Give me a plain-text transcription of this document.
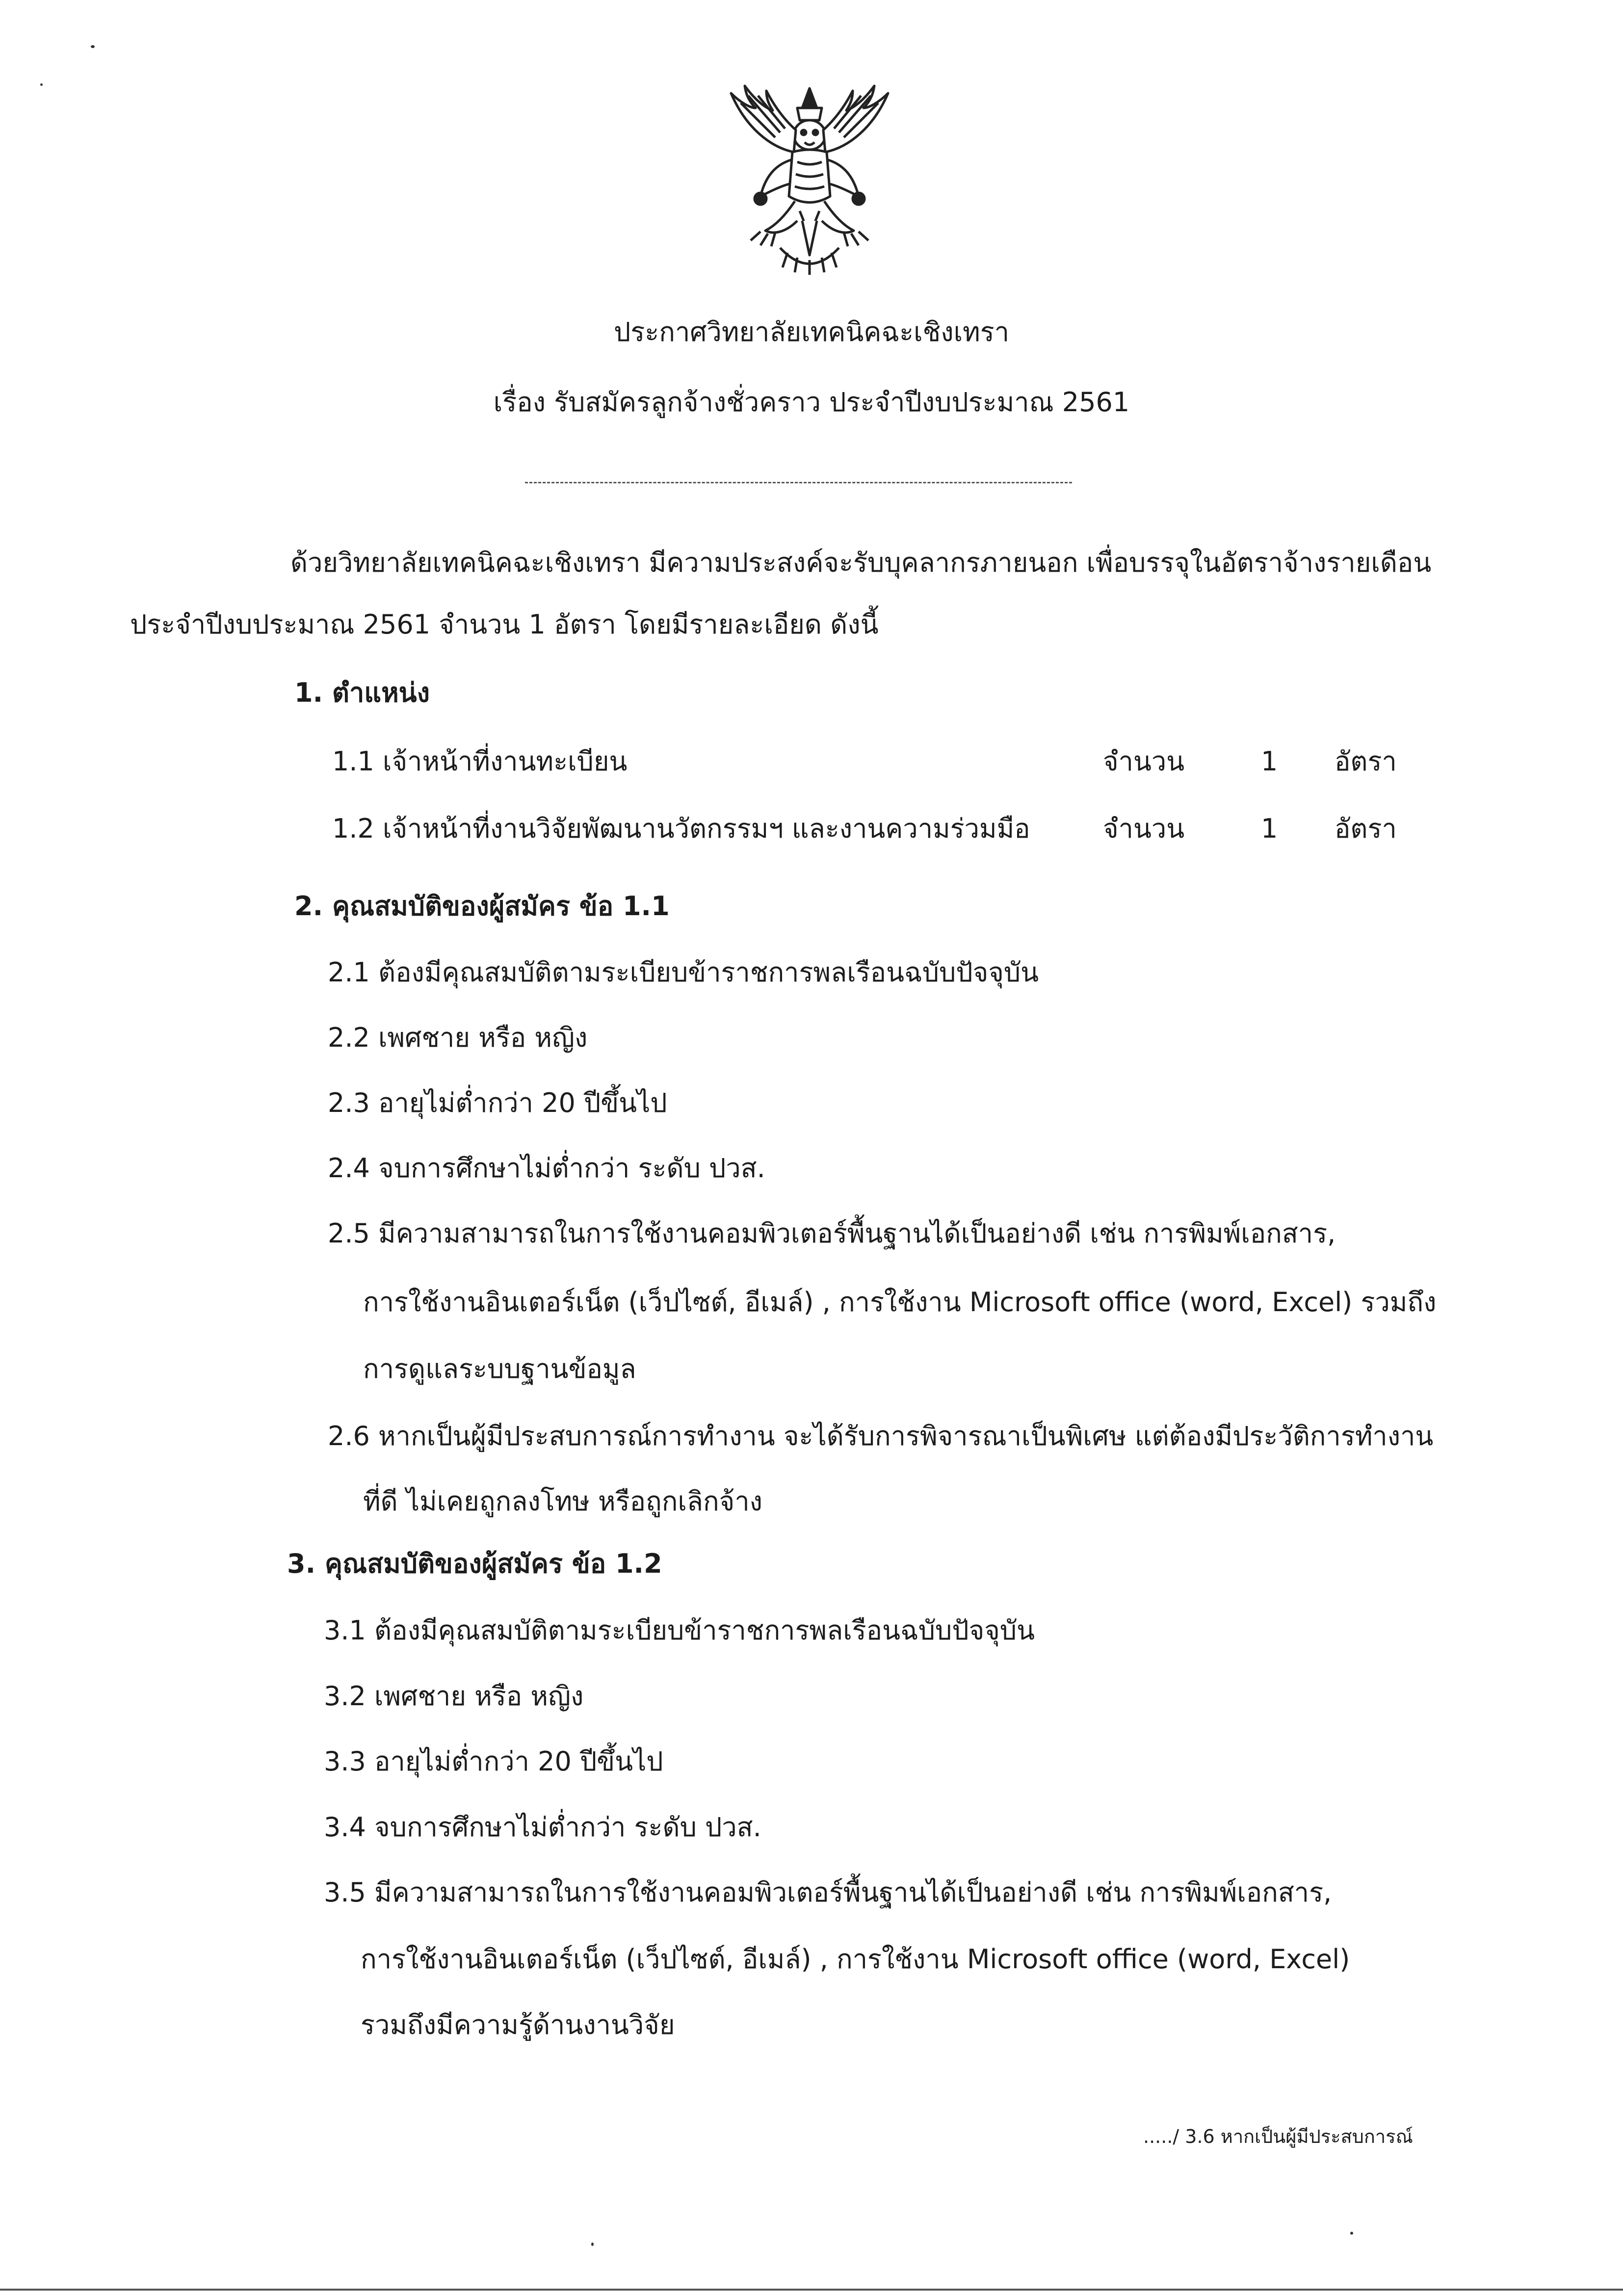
ประกาศวิทยาลัยเทคนิคฉะเชิงเทรา

เรื่อง รับสมัครลูกจ้างชั่วคราว ประจำปีงบประมาณ 2561

ด้วยวิทยาลัยเทคนิคฉะเชิงเทรา มีความประสงค์จะรับบุคลากรภายนอก เพื่อบรรจุในอัตราจ้างรายเดือน

ประจำปีงบประมาณ 2561 จำนวน 1 อัตรา โดยมีรายละเอียด ดังนี้

1. ตำแหน่ง

1.1 เจ้าหน้าที่งานทะเบียน	จำนวน	1 อัตรา

1.2 เจ้าหน้าที่งานวิจัยพัฒนานวัตกรรมฯ และงานความร่วมมือ	จำนวน	1 อัตรา

2. คุณสมบัติของผู้สมัคร ข้อ 1.1

2.1 ต้องมีคุณสมบัติตามระเบียบข้าราชการพลเรือนฉบับปัจจุบัน

2.2 เพศชาย หรือ หญิง

2.3 อายุไม่ต่ำกว่า 20 ปีขึ้นไป

2.4 จบการศึกษาไม่ต่ำกว่า ระดับ ปวส.

2.5 มีความสามารถในการใช้งานคอมพิวเตอร์พื้นฐานได้เป็นอย่างดี เช่น การพิมพ์เอกสาร,

การใช้งานอินเตอร์เน็ต (เว็ปไซต์, อีเมล์) , การใช้งาน Microsoft office (word, Excel) รวมถึง

การดูแลระบบฐานข้อมูล

2.6 หากเป็นผู้มีประสบการณ์การทำงาน จะได้รับการพิจารณาเป็นพิเศษ แต่ต้องมีประวัติการทำงาน

ที่ดี ไม่เคยถูกลงโทษ หรือถูกเลิกจ้าง

3. คุณสมบัติของผู้สมัคร ข้อ 1.2

3.1 ต้องมีคุณสมบัติตามระเบียบข้าราชการพลเรือนฉบับปัจจุบัน

3.2 เพศชาย หรือ หญิง

3.3 อายุไม่ต่ำกว่า 20 ปีขึ้นไป

3.4 จบการศึกษาไม่ต่ำกว่า ระดับ ปวส.

3.5 มีความสามารถในการใช้งานคอมพิวเตอร์พื้นฐานได้เป็นอย่างดี เช่น การพิมพ์เอกสาร,

การใช้งานอินเตอร์เน็ต (เว็ปไซต์, อีเมล์) , การใช้งาน Microsoft office (word, Excel)

รวมถึงมีความรู้ด้านงานวิจัย

...../ 3.6 หากเป็นผู้มีประสบการณ์
